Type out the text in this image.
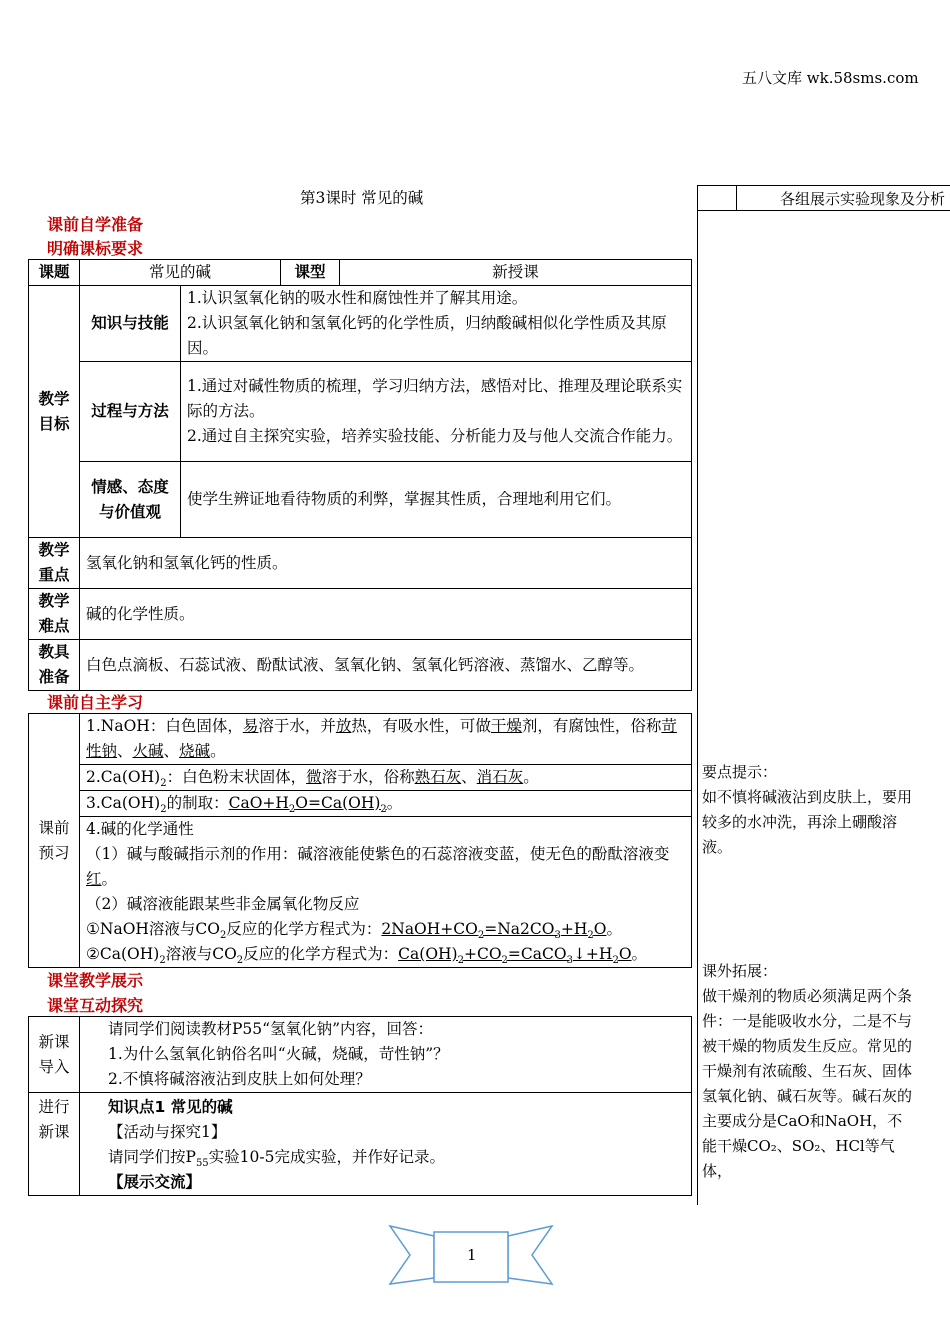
五八文库 wk.58sms.com
第3课时 常见的碱
课前自学准备
明确课标要求
各组展示实验现象及分析
要点提示：
如不慎将碱液沾到皮肤上，要用较多的水冲洗，再涂上硼酸溶液。
课外拓展：
做干燥剂的物质必须满足两个条件：一是能吸收水分，二是不与被干燥的物质发生反应。常见的干燥剂有浓硫酸、生石灰、固体氢氧化钠、碱石灰等。碱石灰的主要成分是CaO和NaOH，不能干燥CO₂、SO₂、HCl等气体，
课题	常见的碱		课型	新授课
教学目标	知识与技能	1.认识氢氧化钠的吸水性和腐蚀性并了解其用途。
2.认识氢氧化钠和氢氧化钙的化学性质，归纳酸碱相似化学性质及其原因。		

	过程与方法	1.通过对碱性物质的梳理，学习归纳方法，感悟对比、推理及理论联系实际的方法。
2.通过自主探究实验，培养实验技能、分析能力及与他人交流合作能力。		

	情感、态度与价值观	使学生辨证地看待物质的利弊，掌握其性质，合理地利用它们。		
教学重点	氢氧化钠和氢氧化钙的性质。			
教学难点	碱的化学性质。			
教具准备	白色点滴板、石蕊试液、酚酞试液、氢氧化钠、氢氧化钙溶液、蒸馏水、乙醇等。			
课前自主学习
课前预习	1.NaOH：白色固体，易溶于水，并放热，有吸水性，可做干燥剂，有腐蚀性，俗称苛性钠、火碱、烧碱。
$2.Ca(OH)_2$：白色粉末状固体，微溶于水，俗称熟石灰、消石灰。
$3.Ca(OH)_2$的制取：$CaO+H_2O=Ca(OH)_2$。

4.碱的化学通性
（1）碱与酸碱指示剂的作用：碱溶液能使紫色的石蕊溶液变蓝，使无色的酚酞溶液变红。
（2）碱溶液能跟某些非金属氧化物反应
①NaOH溶液与$CO_2$反应的化学方程式为：$2NaOH+CO_2=Na2CO_3+H_2O$。
$②Ca(OH)_2$溶液与$CO_2$反应的化学方程式为：$Ca(OH)_2+CO_2=CaCO_3↓+H_2O$。
课堂教学展示
课堂互动探究
新课导入	请同学们阅读教材P55“氢氧化钠”内容，回答：
1.为什么氢氧化钠俗名叫“火碱，烧碱，苛性钠”？
2.不慎将碱溶液沾到皮肤上如何处理？

进行新课	知识点1 常见的碱
【活动与探究1】
请同学们按$P_{55}$实验10-5完成实验，并作好记录。
【展示交流】
1
